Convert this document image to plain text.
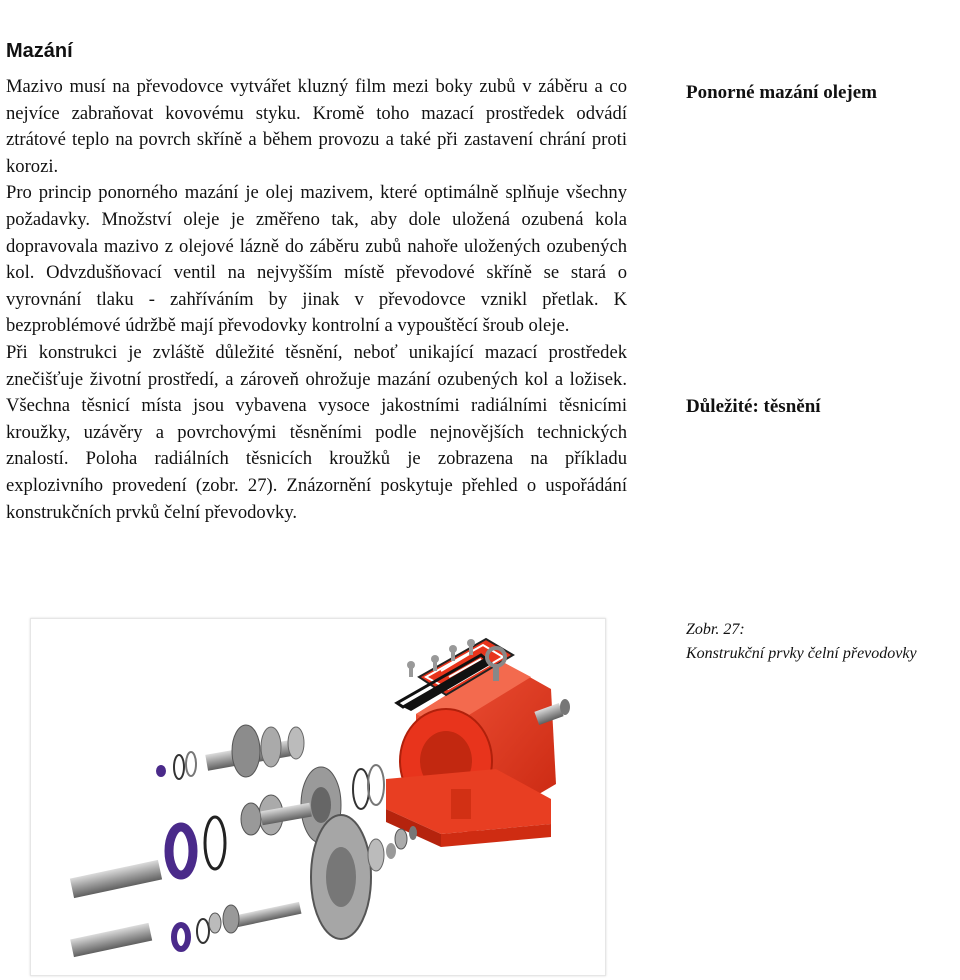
Mazání

Mazivo musí na převodovce vytvářet kluzný film mezi boky zubů v záběru a co nejvíce zabraňovat kovovému styku. Kromě toho mazací prostředek odvádí ztrátové teplo na povrch skříně a během provozu a také při zastavení chrání proti korozi.

Pro princip ponorného mazání je olej mazivem, které optimálně splňuje všechny požadavky. Množství oleje je změřeno tak, aby dole uložená ozubená kola dopravovala mazivo z olejové lázně do záběru zubů nahoře uložených ozubených kol. Odvzdušňovací ventil na nejvyšším místě převodové skříně se stará o vyrovnání tlaku - zahříváním by jinak v převodovce vznikl přetlak. K bezproblémové údržbě mají převodovky kontrolní a vypouštěcí šroub oleje.

Při konstrukci je zvláště důležité těsnění, neboť unikající mazací prostředek znečišťuje životní prostředí, a zároveň ohrožuje mazání ozubených kol a ložisek. Všechna těsnicí místa jsou vybavena vysoce jakostními radiálními těsnicími kroužky, uzávěry a povrchovými těsněními podle nejnovějších technických znalostí. Poloha radiálních těsnicích kroužků je zobrazena na příkladu explozivního provedení (zobr. 27). Znázornění poskytuje přehled o uspořádání konstrukčních prvků čelní převodovky.

Ponorné mazání olejem
Důležité: těsnění
Zobr. 27:
Konstrukční prvky čelní převodovky
